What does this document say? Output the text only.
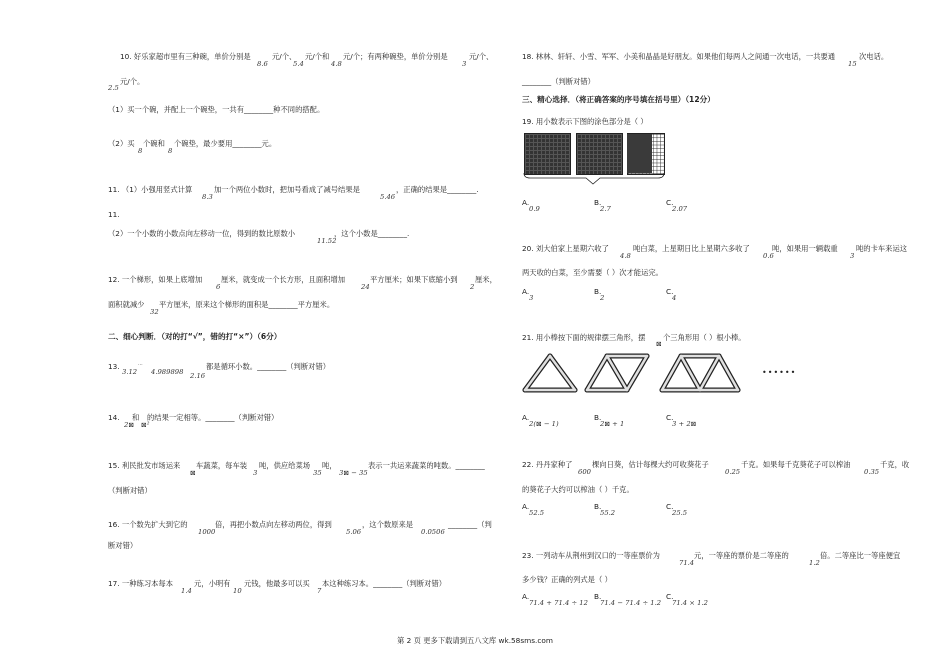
10. 好乐家超市里有三种碗，单价分别是
8.6
元/个、
5.4
元/个和
4.8
元/个；有两种碗垫，单价分别是
3
元/个、
2.5
元/个。
（1）买一个碗，并配上一个碗垫，一共有________种不同的搭配。
（2）买
8
个碗和
8
个碗垫，最少要用________元。
11. （1）小强用竖式计算
8.3
加一个两位小数时，把加号看成了减号结果是
5.46
，正确的结果是________.
11.
（2）一个小数的小数点向左移动一位，得到的数比原数小
11.52
，这个小数是________.
12. 一个梯形，如果上底增加
6
厘米，就变成一个长方形，且面积增加
24
平方厘米；如果下底缩小到
2
厘米，
面积就减少
32
平方厘米，原来这个梯形的面积是________平方厘米。
二、细心判断．（对的打“√”，错的打“×”）（6分）
13.
3.12
···
4.989898 2.16
都是循环小数。________（判断对错）
14. 和
2⊠ ⊠²
的结果一定相等。________（判断对错）
15. 利民批发市场运来
⊠
车蔬菜，每车装
3
吨，供应给菜场
35
吨，
3⊠ − 35
表示一共运来蔬菜的吨数。________
（判断对错）
16. 一个数先扩大到它的
1000
倍，再把小数点向左移动两位，得到
5.06
，这个数原来是
0.0506
________（判
断对错）
17. 一种练习本每本
1.4
元，小明有
10
元钱，他最多可以买
7
本这种练习本。________（判断对错）
18. 林林、轩轩、小雪、军军、小美和晶晶是好朋友。如果他们每两人之间通一次电话，一共要通
15
次电话。
________（判断对错）
三、精心选择．（将正确答案的序号填在括号里）（12分）
19. 用小数表示下图的涂色部分是（ ）
A.
0.9
B.
2.7
C.
2.07
20. 刘大伯家上星期六收了
4.8
吨白菜，上星期日比上星期六多收了
0.6
吨，如果用一辆载重
3
吨的卡车来运这
两天收的白菜，至少需要（ ）次才能运完。
A.
3
B.
2
C.
4
21. 用小棒按下面的规律摆三角形，摆
⊠
个三角形用（ ）根小棒。
••••••
A.
2(⊠ − 1)
B.
2⊠ + 1
C.
3 + 2⊠
22. 丹丹家种了
600
棵向日葵，估计每棵大约可收葵花子
0.25
千克。如果每千克葵花子可以榨油
0.35
千克，收
的葵花子大约可以榨油（ ）千克。
A.
52.5
B.
55.2
C.
25.5
23. 一列动车从荆州到汉口的一等座票价为
71.4
元，一等座的票价是二等座的
1.2
倍。二等座比一等座便宜
多少钱？正确的列式是（ ）
A.
71.4 + 71.4 ÷ 12
B.
71.4 − 71.4 ÷ 1.2
C.
71.4 × 1.2
第 2 页 更多下载请到五八文库 wk.58sms.com
